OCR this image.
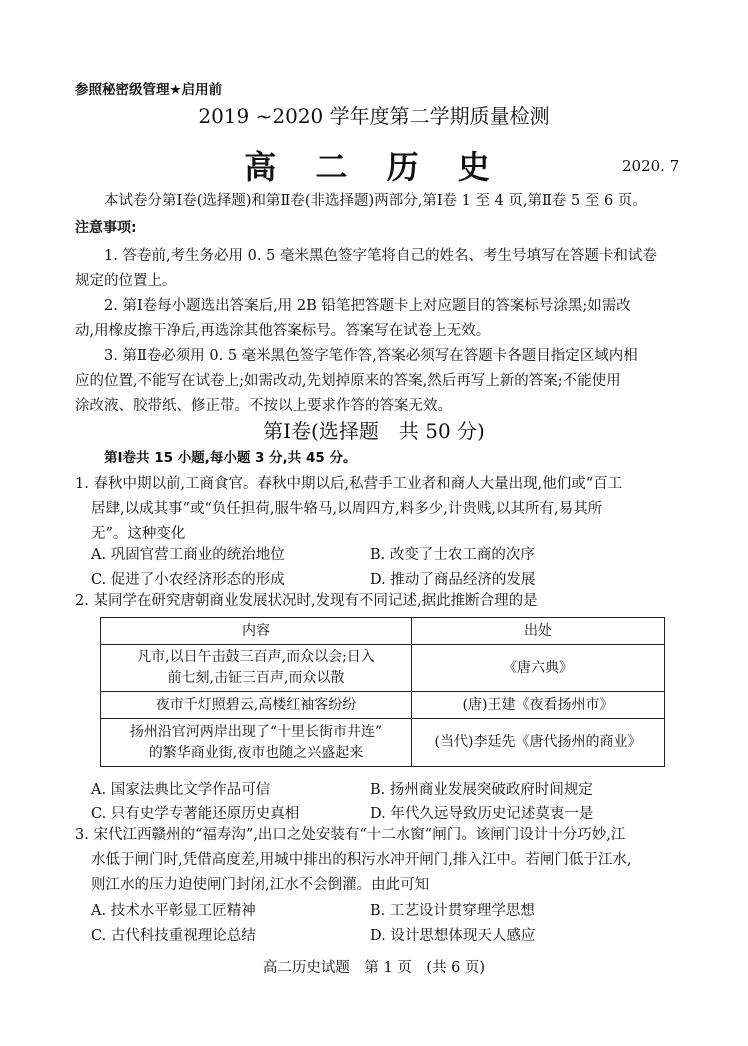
参照秘密级管理★启用前
2019 ~2020 学年度第二学期质量检测
高 二 历 史	2020. 7
本试卷分第Ⅰ卷(选择题)和第Ⅱ卷(非选择题)两部分,第Ⅰ卷 1 至 4 页,第Ⅱ卷 5 至 6 页。
注意事项:
1. 答卷前,考生务必用 0. 5 毫米黑色签字笔将自己的姓名、考生号填写在答题卡和试卷
规定的位置上。
2. 第Ⅰ卷每小题选出答案后,用 2B 铅笔把答题卡上对应题目的答案标号涂黑;如需改
动,用橡皮擦干净后,再选涂其他答案标号。答案写在试卷上无效。
3. 第Ⅱ卷必须用 0. 5 毫米黑色签字笔作答,答案必须写在答题卡各题目指定区域内相
应的位置,不能写在试卷上;如需改动,先划掉原来的答案,然后再写上新的答案;不能使用
涂改液、胶带纸、修正带。不按以上要求作答的答案无效。
第Ⅰ卷(选择题　共 50 分)
第Ⅰ卷共 15 小题,每小题 3 分,共 45 分。
1. 春秋中期以前,工商食官。春秋中期以后,私营手工业者和商人大量出现,他们或“百工
居肆,以成其事”或“负任担荷,服牛辂马,以周四方,料多少,计贵贱,以其所有,易其所
无”。这种变化
A. 巩固官营工商业的统治地位	B. 改变了士农工商的次序
C. 促进了小农经济形态的形成	D. 推动了商品经济的发展
2. 某同学在研究唐朝商业发展状况时,发现有不同记述,据此推断合理的是
内容	出处

凡市,以日午击鼓三百声,而众以会;日入
前七刻,击钲三百声,而众以散	《唐六典》

夜市千灯照碧云,高楼红袖客纷纷	(唐)王建《夜看扬州市》

扬州沿官河两岸出现了“十里长街市井连”
的繁华商业街,夜市也随之兴盛起来	(当代)李廷先《唐代扬州的商业》
A. 国家法典比文学作品可信	B. 扬州商业发展突破政府时间规定
C. 只有史学专著能还原历史真相	D. 年代久远导致历史记述莫衷一是
3. 宋代江西赣州的“福寿沟”,出口之处安装有“十二水窗”闸门。该闸门设计十分巧妙,江
水低于闸门时,凭借高度差,用城中排出的积污水冲开闸门,排入江中。若闸门低于江水,
则江水的压力迫使闸门封闭,江水不会倒灌。由此可知
A. 技术水平彰显工匠精神	B. 工艺设计贯穿理学思想
C. 古代科技重视理论总结	D. 设计思想体现天人感应
高二历史试题　第 1 页　(共 6 页)
